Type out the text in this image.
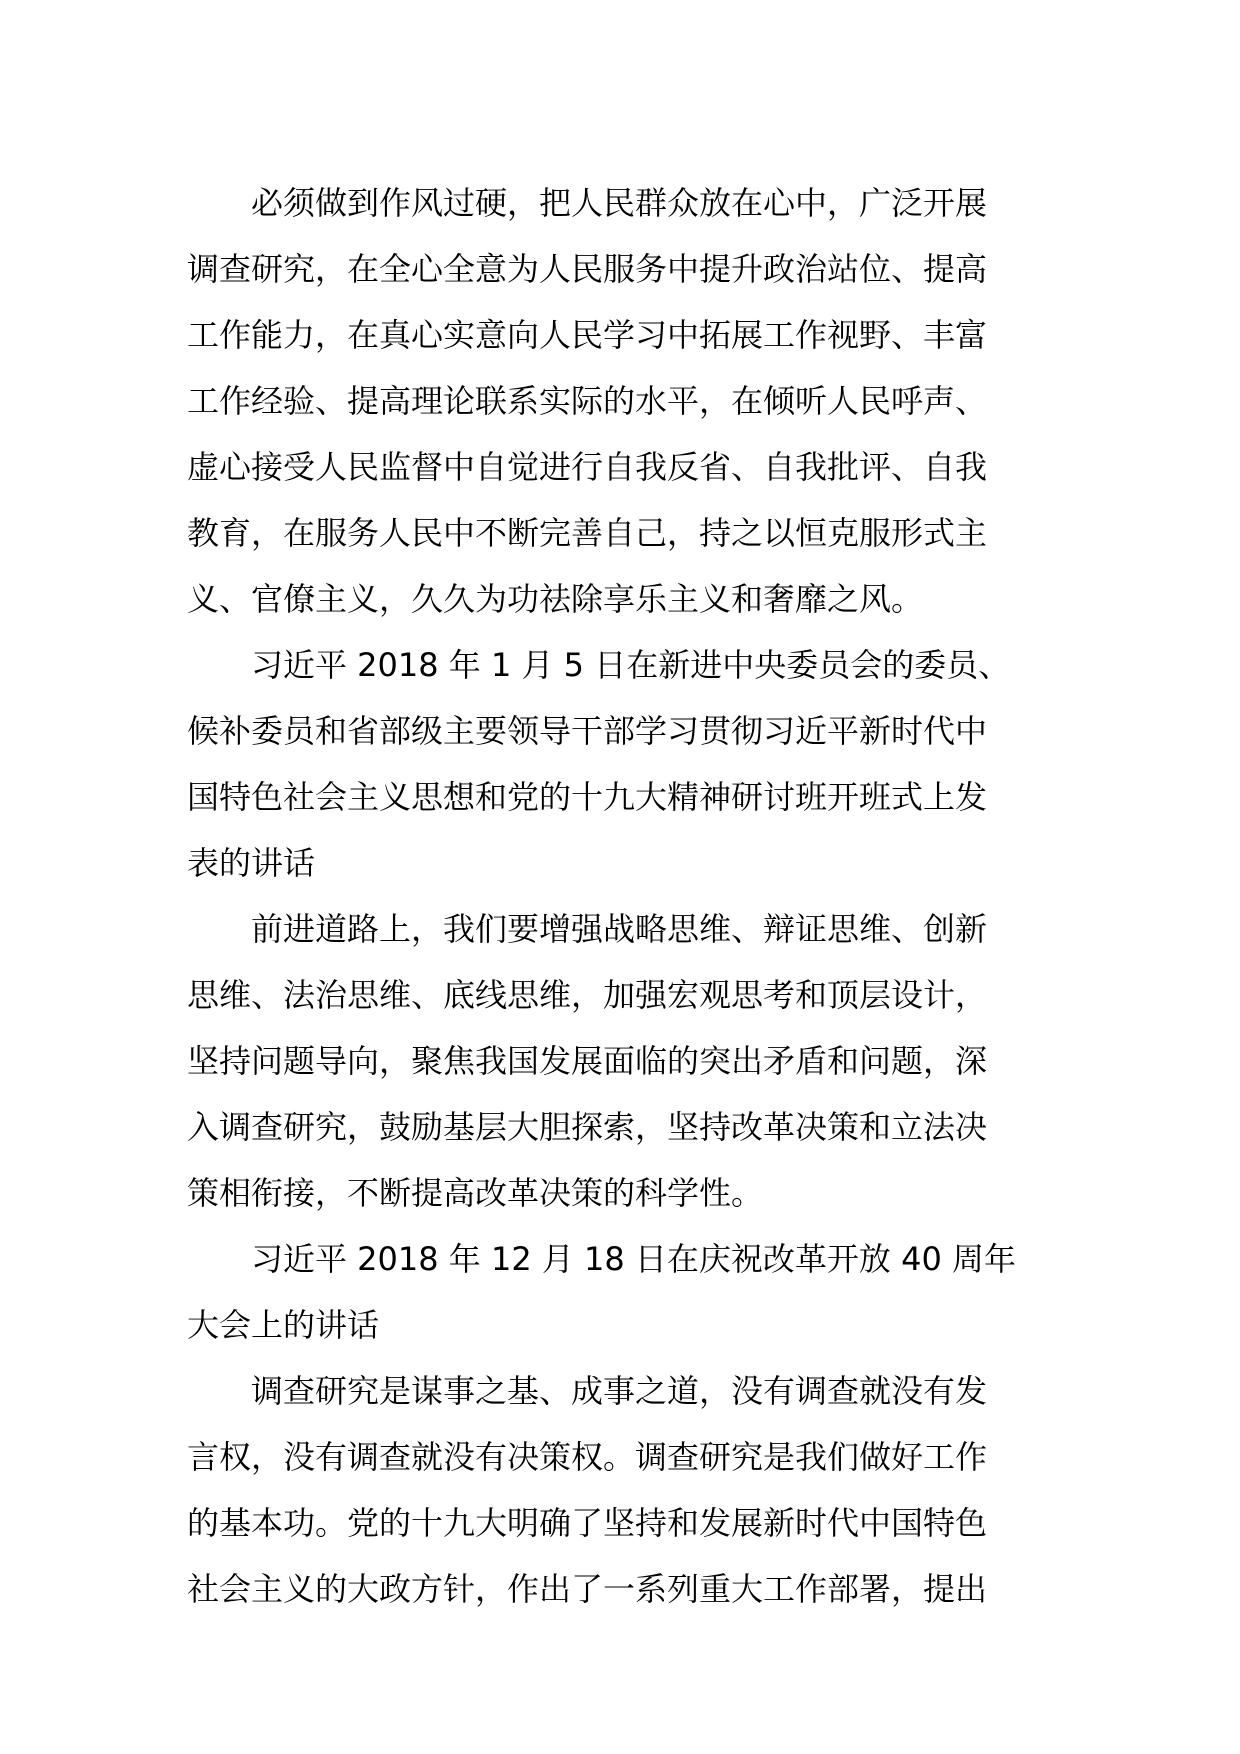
必须做到作风过硬，把人民群众放在心中，广泛开展
调查研究，在全心全意为人民服务中提升政治站位、提高
工作能力，在真心实意向人民学习中拓展工作视野、丰富
工作经验、提高理论联系实际的水平，在倾听人民呼声、
虚心接受人民监督中自觉进行自我反省、自我批评、自我
教育，在服务人民中不断完善自己，持之以恒克服形式主
义、官僚主义，久久为功祛除享乐主义和奢靡之风。
习近平 2018 年 1 月 5 日在新进中央委员会的委员、
候补委员和省部级主要领导干部学习贯彻习近平新时代中
国特色社会主义思想和党的十九大精神研讨班开班式上发
表的讲话
前进道路上，我们要增强战略思维、辩证思维、创新
思维、法治思维、底线思维，加强宏观思考和顶层设计，
坚持问题导向，聚焦我国发展面临的突出矛盾和问题，深
入调查研究，鼓励基层大胆探索，坚持改革决策和立法决
策相衔接，不断提高改革决策的科学性。
习近平 2018 年 12 月 18 日在庆祝改革开放 40 周年
大会上的讲话
调查研究是谋事之基、成事之道，没有调查就没有发
言权，没有调查就没有决策权。调查研究是我们做好工作
的基本功。党的十九大明确了坚持和发展新时代中国特色
社会主义的大政方针，作出了一系列重大工作部署，提出
